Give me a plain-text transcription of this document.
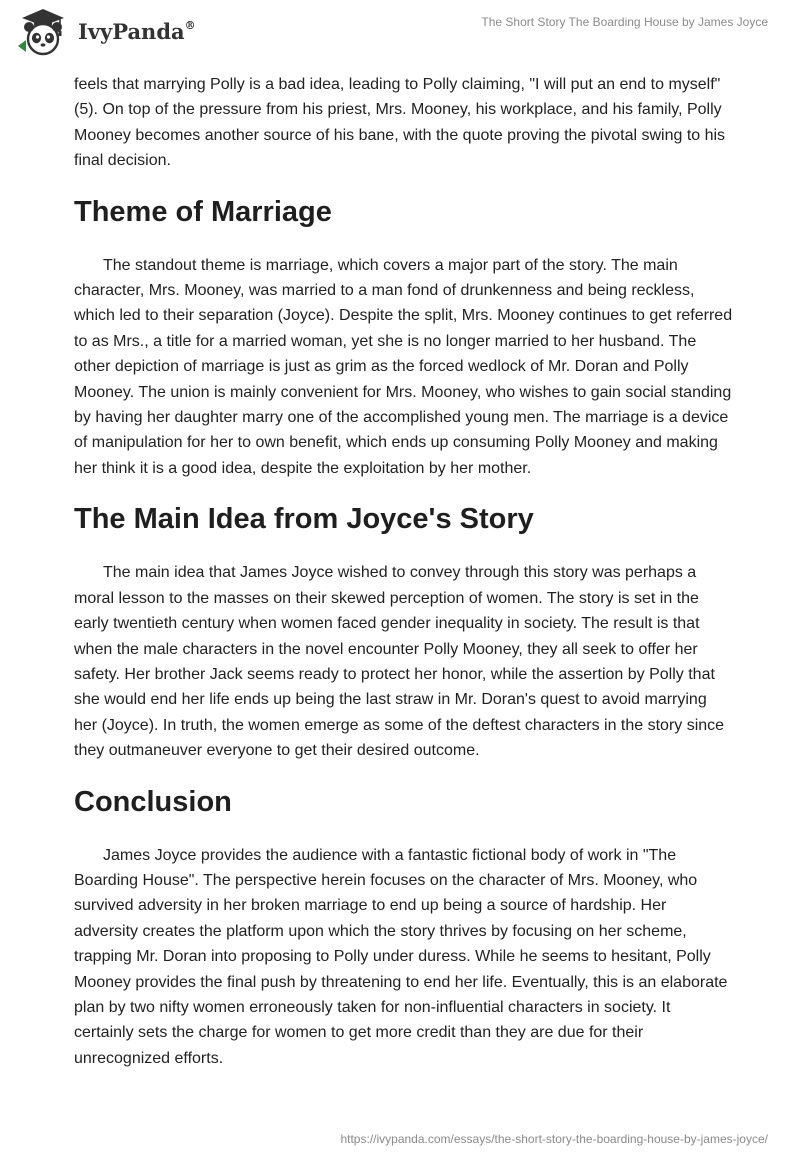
IvyPanda®	The Short Story The Boarding House by James Joyce

feels that marrying Polly is a bad idea, leading to Polly claiming, "I will put an end to myself" (5). On top of the pressure from his priest, Mrs. Mooney, his workplace, and his family, Polly Mooney becomes another source of his bane, with the quote proving the pivotal swing to his final decision.

Theme of Marriage

The standout theme is marriage, which covers a major part of the story. The main character, Mrs. Mooney, was married to a man fond of drunkenness and being reckless, which led to their separation (Joyce). Despite the split, Mrs. Mooney continues to get referred to as Mrs., a title for a married woman, yet she is no longer married to her husband. The other depiction of marriage is just as grim as the forced wedlock of Mr. Doran and Polly Mooney. The union is mainly convenient for Mrs. Mooney, who wishes to gain social standing by having her daughter marry one of the accomplished young men. The marriage is a device of manipulation for her to own benefit, which ends up consuming Polly Mooney and making her think it is a good idea, despite the exploitation by her mother.

The Main Idea from Joyce's Story

The main idea that James Joyce wished to convey through this story was perhaps a moral lesson to the masses on their skewed perception of women. The story is set in the early twentieth century when women faced gender inequality in society. The result is that when the male characters in the novel encounter Polly Mooney, they all seek to offer her safety. Her brother Jack seems ready to protect her honor, while the assertion by Polly that she would end her life ends up being the last straw in Mr. Doran's quest to avoid marrying her (Joyce). In truth, the women emerge as some of the deftest characters in the story since they outmaneuver everyone to get their desired outcome.

Conclusion

James Joyce provides the audience with a fantastic fictional body of work in "The Boarding House". The perspective herein focuses on the character of Mrs. Mooney, who survived adversity in her broken marriage to end up being a source of hardship. Her adversity creates the platform upon which the story thrives by focusing on her scheme, trapping Mr. Doran into proposing to Polly under duress. While he seems to hesitant, Polly Mooney provides the final push by threatening to end her life. Eventually, this is an elaborate plan by two nifty women erroneously taken for non-influential characters in society. It certainly sets the charge for women to get more credit than they are due for their unrecognized efforts.

https://ivypanda.com/essays/the-short-story-the-boarding-house-by-james-joyce/
